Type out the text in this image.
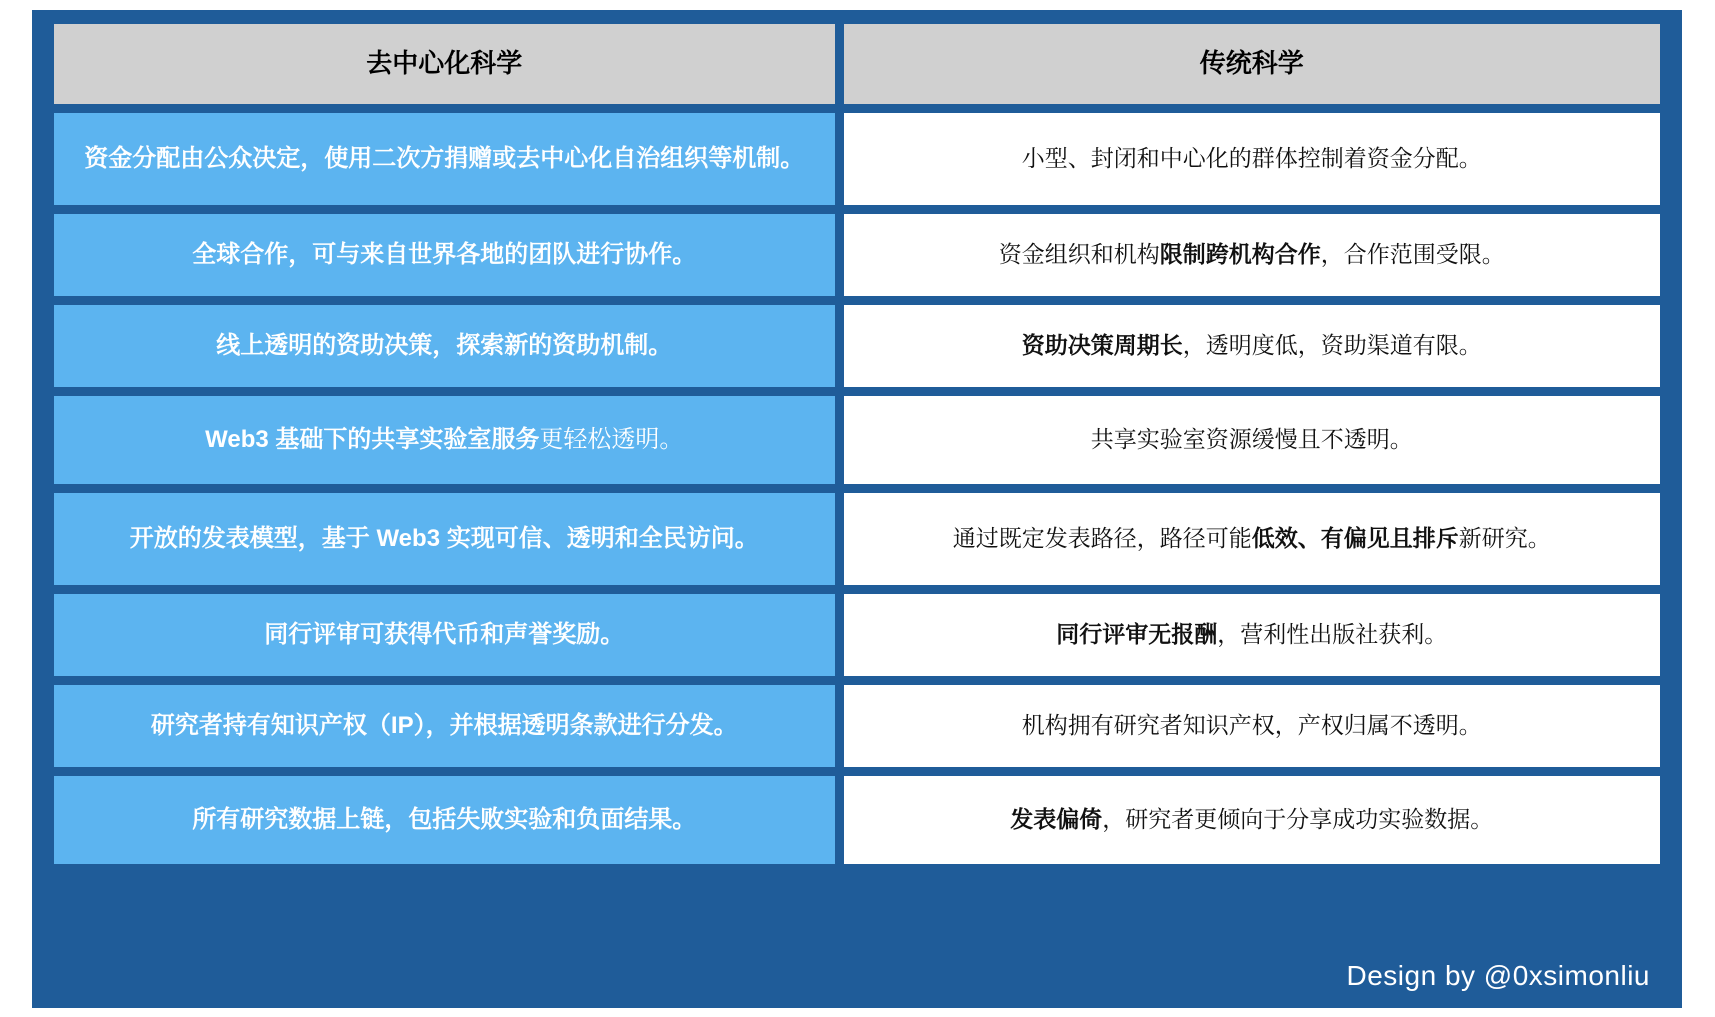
去中心化科学	传统科学
资金分配由公众决定，使用二次方捐赠或去中心化自治组织等机制。	小型、封闭和中心化的群体控制着资金分配。
全球合作，可与来自世界各地的团队进行协作。	资金组织和机构限制跨机构合作，合作范围受限。
线上透明的资助决策，探索新的资助机制。	资助决策周期长，透明度低，资助渠道有限。
Web3 基础下的共享实验室服务更轻松透明。	共享实验室资源缓慢且不透明。
开放的发表模型，基于 Web3 实现可信、透明和全民访问。	通过既定发表路径，路径可能低效、有偏见且排斥新研究。
同行评审可获得代币和声誉奖励。	同行评审无报酬，营利性出版社获利。
研究者持有知识产权（IP），并根据透明条款进行分发。	机构拥有研究者知识产权，产权归属不透明。
所有研究数据上链，包括失败实验和负面结果。	发表偏倚，研究者更倾向于分享成功实验数据。
Design by @0xsimonliu
